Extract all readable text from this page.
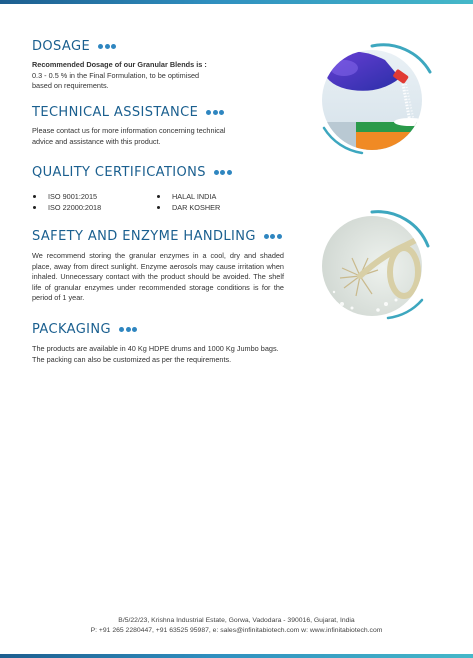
DOSAGE

Recommended Dosage of our Granular Blends is :
0.3 - 0.5 % in the Final Formulation, to be optimised
based on requirements.

TECHNICAL ASSISTANCE

Please contact us for more information concerning technical
advice and assistance with this product.

QUALITY CERTIFICATIONS
ISO 9001:2015
ISO 22000:2018
HALAL INDIA
DAR KOSHER
SAFETY AND ENZYME HANDLING

We recommend storing the granular enzymes in a cool, dry and shaded place, away from direct sunlight. Enzyme aerosols may cause irritation when inhaled. Unnecessary contact with the product should be avoided. The shelf life of granular enzymes under recommended storage conditions is for the period of 1 year.

PACKAGING

The products are available in 40 Kg HDPE drums and 1000 Kg Jumbo bags.
The packing can also be customized as per the requirements.

B/5/22/23, Krishna Industrial Estate, Gorwa, Vadodara - 390016, Gujarat, India
P: +91 265 2280447, +91 63525 95987, e: sales@infinitabiotech.com w: www.infinitabiotech.com
